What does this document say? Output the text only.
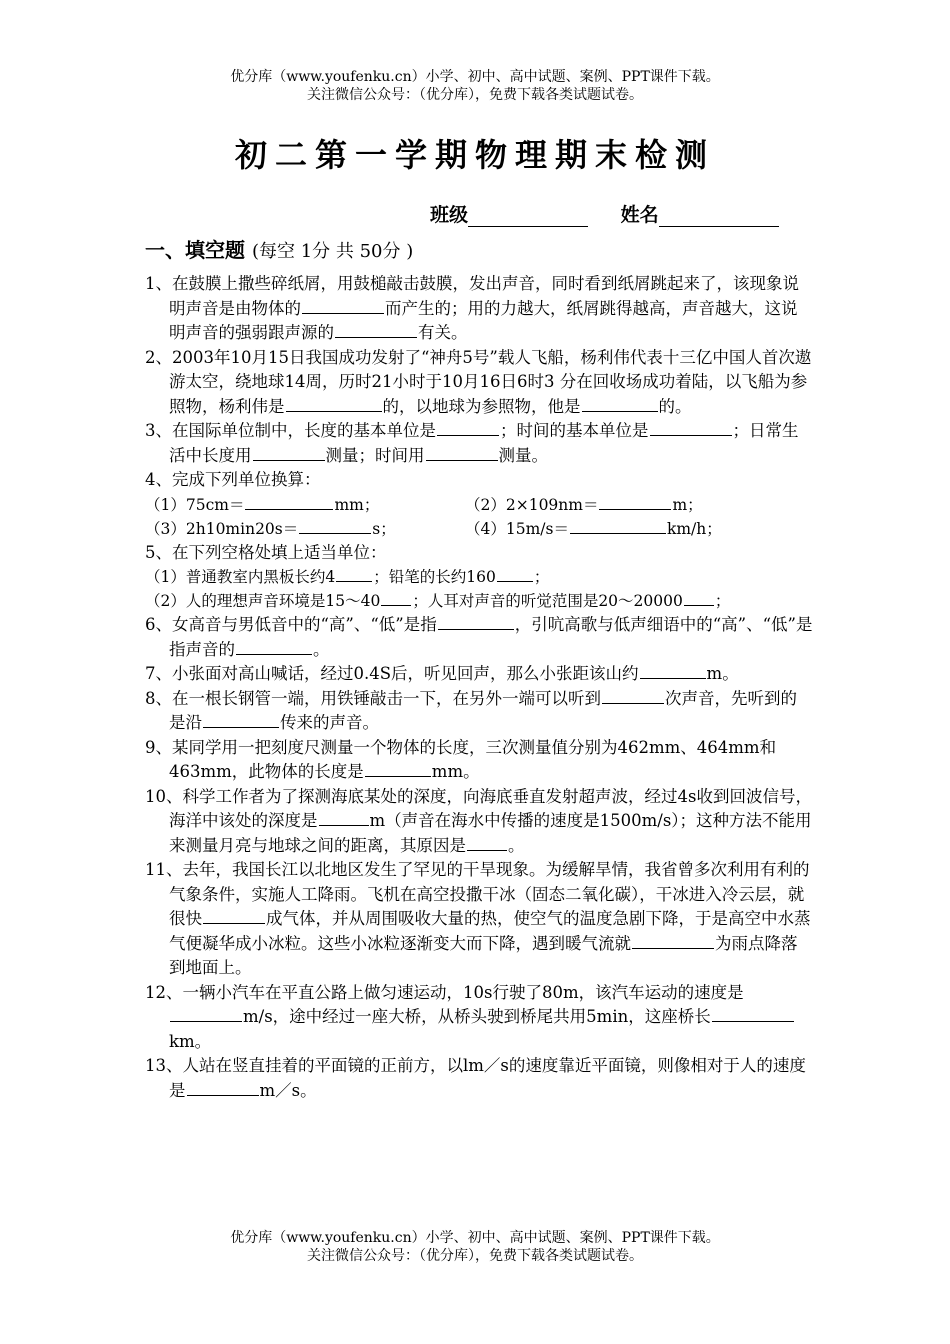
优分库（www.youfenku.cn）小学、初中、高中试题、案例、PPT课件下载。
关注微信公众号：（优分库），免费下载各类试题试卷。
初二第一学期物理期末检测
班级	姓名
一、填空题 (每空 1分 共 50分 )
1、在鼓膜上撒些碎纸屑，用鼓槌敲击鼓膜，发出声音，同时看到纸屑跳起来了，该现象说明声音是由物体的	而产生的；用的力越大，纸屑跳得越高，声音越大，这说明声音的强弱跟声源的	有关。
2、2003年10月15日我国成功发射了“神舟5号”载人飞船，杨利伟代表十三亿中国人首次遨游太空，绕地球14周，历时21小时于10月16日6时3 分在回收场成功着陆，以飞船为参照物，杨利伟是	的，以地球为参照物，他是	的。
3、在国际单位制中，长度的基本单位是	；时间的基本单位是	；日常生活中长度用	测量；时间用	测量。
4、完成下列单位换算：
（1）75cm＝	mm；	（2）2×109nm＝	m；
（3）2h10min20s＝	s；	（4）15m/s＝	km/h；
5、在下列空格处填上适当单位：
（1）普通教室内黑板长约4 ；铅笔的长约160 ；
（2）人的理想声音环境是15～40 ；人耳对声音的听觉范围是20～20000 ；
6、女高音与男低音中的“高”、“低”是指	，引吭高歌与低声细语中的“高”、“低”是指声音的	。
7、小张面对高山喊话，经过0.4S后，听见回声，那么小张距该山约	m。
8、在一根长钢管一端，用铁锤敲击一下，在另外一端可以听到	次声音，先听到的是沿	传来的声音。
9、某同学用一把刻度尺测量一个物体的长度，三次测量值分别为462mm、464mm和463mm，此物体的长度是	mm。
10、科学工作者为了探测海底某处的深度，向海底垂直发射超声波，经过4s收到回波信号，海洋中该处的深度是	m（声音在海水中传播的速度是1500m/s）；这种方法不能用来测量月亮与地球之间的距离，其原因是	。
11、去年，我国长江以北地区发生了罕见的干旱现象。为缓解旱情，我省曾多次利用有利的气象条件，实施人工降雨。飞机在高空投撒干冰（固态二氧化碳），干冰进入冷云层，就很快	成气体，并从周围吸收大量的热，使空气的温度急剧下降，于是高空中水蒸气便凝华成小冰粒。这些小冰粒逐渐变大而下降，遇到暖气流就	为雨点降落到地面上。
12、一辆小汽车在平直公路上做匀速运动，10s行驶了80m，该汽车运动的速度是m/s，途中经过一座大桥，从桥头驶到桥尾共用5min，这座桥长km。
13、人站在竖直挂着的平面镜的正前方，以lm／s的速度靠近平面镜，则像相对于人的速度是	m／s。
优分库（www.youfenku.cn）小学、初中、高中试题、案例、PPT课件下载。
关注微信公众号：（优分库），免费下载各类试题试卷。
